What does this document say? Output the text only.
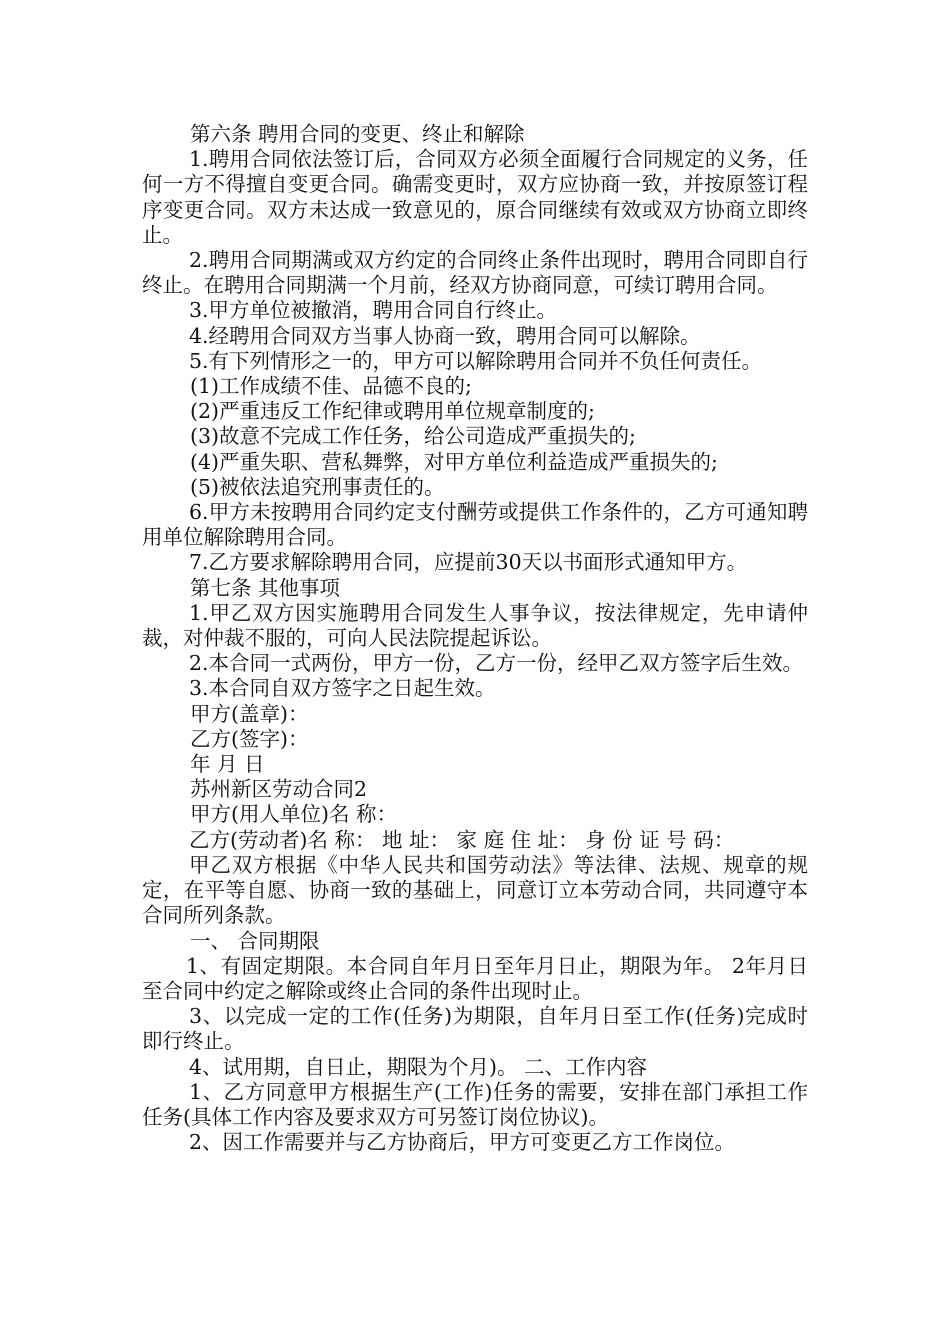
第六条 聘用合同的变更、终止和解除

1.聘用合同依法签订后，合同双方必须全面履行合同规定的义务，任何一方不得擅自变更合同。确需变更时，双方应协商一致，并按原签订程序变更合同。双方未达成一致意见的，原合同继续有效或双方协商立即终止。

2.聘用合同期满或双方约定的合同终止条件出现时，聘用合同即自行终止。在聘用合同期满一个月前，经双方协商同意，可续订聘用合同。

3.甲方单位被撤消，聘用合同自行终止。

4.经聘用合同双方当事人协商一致，聘用合同可以解除。

5.有下列情形之一的，甲方可以解除聘用合同并不负任何责任。

(1)工作成绩不佳、品德不良的;

(2)严重违反工作纪律或聘用单位规章制度的;

(3)故意不完成工作任务，给公司造成严重损失的;

(4)严重失职、营私舞弊，对甲方单位利益造成严重损失的;

(5)被依法追究刑事责任的。

6.甲方未按聘用合同约定支付酬劳或提供工作条件的，乙方可通知聘用单位解除聘用合同。

7.乙方要求解除聘用合同，应提前30天以书面形式通知甲方。

第七条 其他事项

1.甲乙双方因实施聘用合同发生人事争议，按法律规定，先申请仲裁，对仲裁不服的，可向人民法院提起诉讼。

2.本合同一式两份，甲方一份，乙方一份，经甲乙双方签字后生效。

3.本合同自双方签字之日起生效。

甲方(盖章)：

乙方(签字)：

年 月 日

苏州新区劳动合同2

甲方(用人单位)名 称：

乙方(劳动者)名 称： 地 址： 家 庭 住 址： 身 份 证 号 码：

甲乙双方根据《中华人民共和国劳动法》等法律、法规、规章的规定，在平等自愿、协商一致的基础上，同意订立本劳动合同，共同遵守本合同所列条款。

一、 合同期限

1、有固定期限。本合同自年月日至年月日止，期限为年。 2年月日至合同中约定之解除或终止合同的条件出现时止。

3、以完成一定的工作(任务)为期限，自年月日至工作(任务)完成时即行终止。

4、试用期，自日止，期限为个月)。 二、工作内容

1、乙方同意甲方根据生产(工作)任务的需要，安排在部门承担工作任务(具体工作内容及要求双方可另签订岗位协议)。

2、因工作需要并与乙方协商后，甲方可变更乙方工作岗位。
